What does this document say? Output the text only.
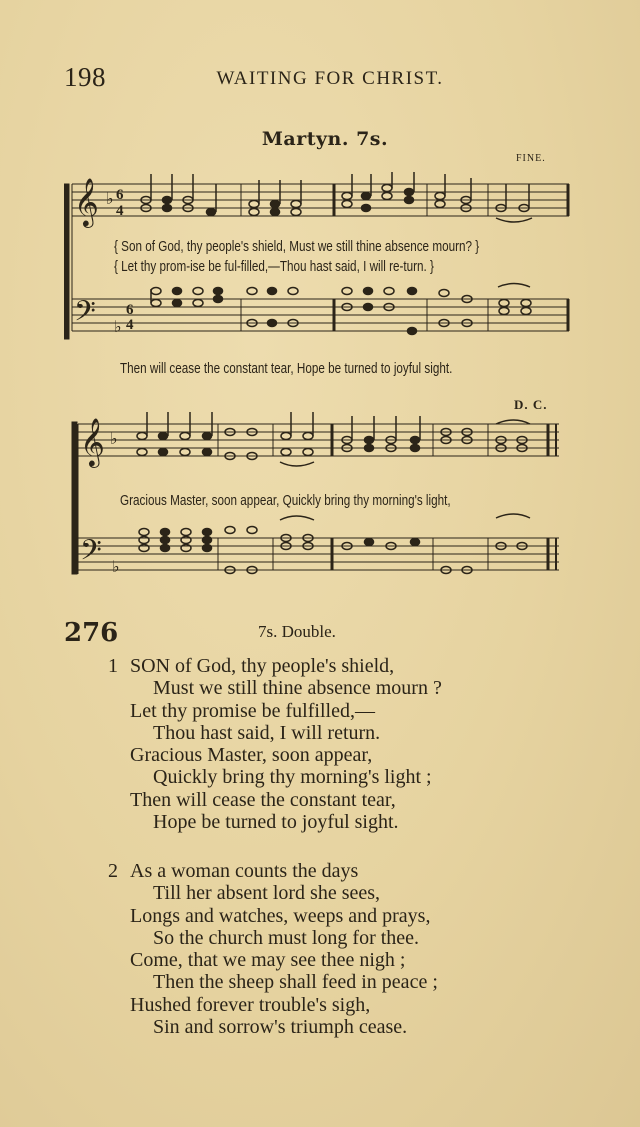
198	WAITING FOR CHRIST.
Martyn. 7s.
FINE.
𝄞 ♭ 6
4
𝄢 ♭
6
4
{ Son of God, thy people's shield, Must we still thine absence mourn? }
{ Let thy prom-ise be ful-filled,—Thou hast said, I will re-turn. }
Then will cease the constant tear, Hope be turned to joyful sight.
D. C.
𝄞 ♭
𝄢 ♭
Gracious Master, soon appear, Quickly bring thy morning's light,
276	7s. Double.
1 SON of God, thy people's shield,
Must we still thine absence mourn ?
Let thy promise be fulfilled,—
Thou hast said, I will return.
Gracious Master, soon appear,
Quickly bring thy morning's light ;
Then will cease the constant tear,
Hope be turned to joyful sight.
2 As a woman counts the days
Till her absent lord she sees,
Longs and watches, weeps and prays,
So the church must long for thee.
Come, that we may see thee nigh ;
Then the sheep shall feed in peace ;
Hushed forever trouble's sigh,
Sin and sorrow's triumph cease.
